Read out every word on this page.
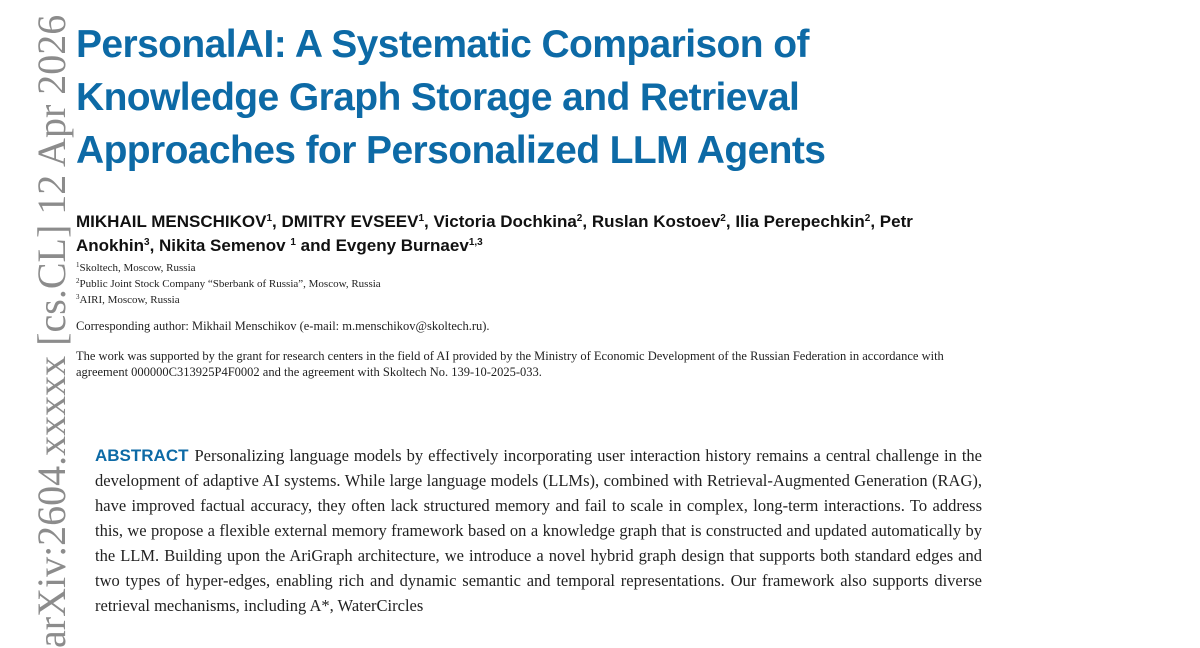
arXiv:2604.xxxxx [cs.CL] 12 Apr 2026 PersonalAI: A Systematic Comparison of Knowledge Graph Storage and Retrieval Approaches for Personalized LLM Agents
MIKHAIL MENSCHIKOV$^1$, DMITRY EVSEEV$^1$, Victoria Dochkina$^2$, Ruslan Kostoev$^2$, Ilia Perepechkin$^2$, Petr Anokhin$^3$, Nikita Semenov $^1$ and Evgeny Burnaev$^{1,3}$
$^1$Skoltech, Moscow, Russia
$^2$Public Joint Stock Company “Sberbank of Russia”, Moscow, Russia
$^3$AIRI, Moscow, Russia
Corresponding author: Mikhail Menschikov (e-mail: m.menschikov@skoltech.ru).
The work was supported by the grant for research centers in the field of AI provided by the Ministry of Economic Development of the Russian Federation in accordance with agreement 000000C313925P4F0002 and the agreement with Skoltech No. 139-10-2025-033.
ABSTRACT Personalizing language models by effectively incorporating user interaction history remains a central challenge in the development of adaptive AI systems. While large language models (LLMs), combined with Retrieval-Augmented Generation (RAG), have improved factual accuracy, they often lack structured memory and fail to scale in complex, long-term interactions. To address this, we propose a flexible external memory framework based on a knowledge graph that is constructed and updated automatically by the LLM. Building upon the AriGraph architecture, we introduce a novel hybrid graph design that supports both standard edges and two types of hyper-edges, enabling rich and dynamic semantic and temporal representations. Our framework also supports diverse retrieval mechanisms, including A*, WaterCircles
